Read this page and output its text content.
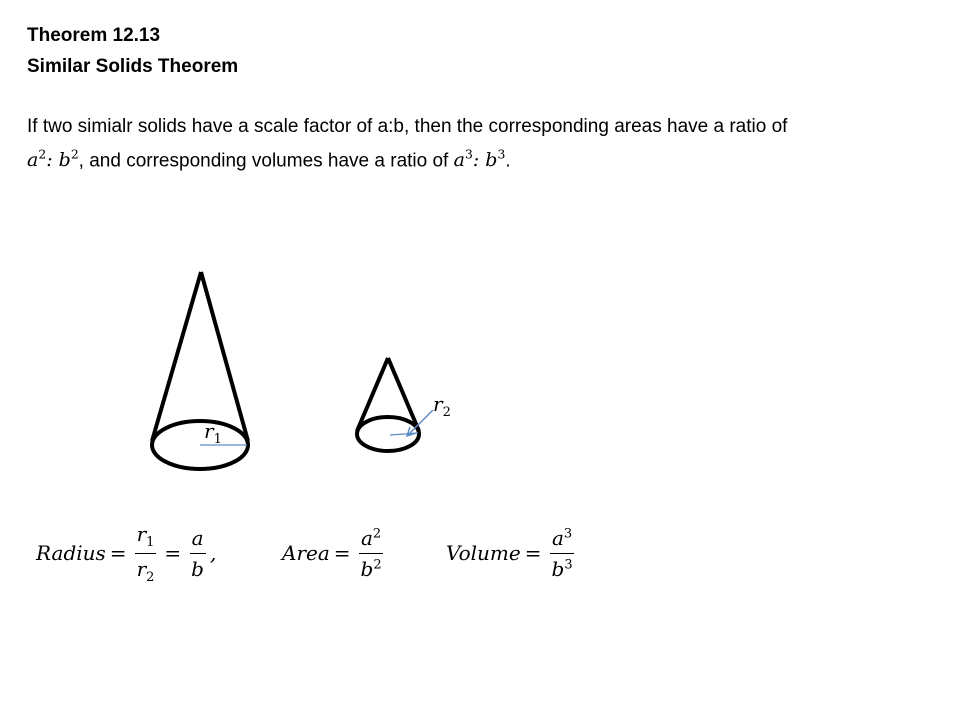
Theorem 12.13
Similar Solids Theorem
If two simialr solids have a scale factor of a:b, then the corresponding areas have a ratio of
$a^2$: $b^2$, and corresponding volumes have a ratio of $a^3$: $b^3$.
$r_1$
$r_2$
Radius = $\frac{r_1}{r_2} = \frac{a}{b}$ ,	Area = $\frac{a^2}{b^2}$	Volume = $\frac{a^3}{b^3}$
